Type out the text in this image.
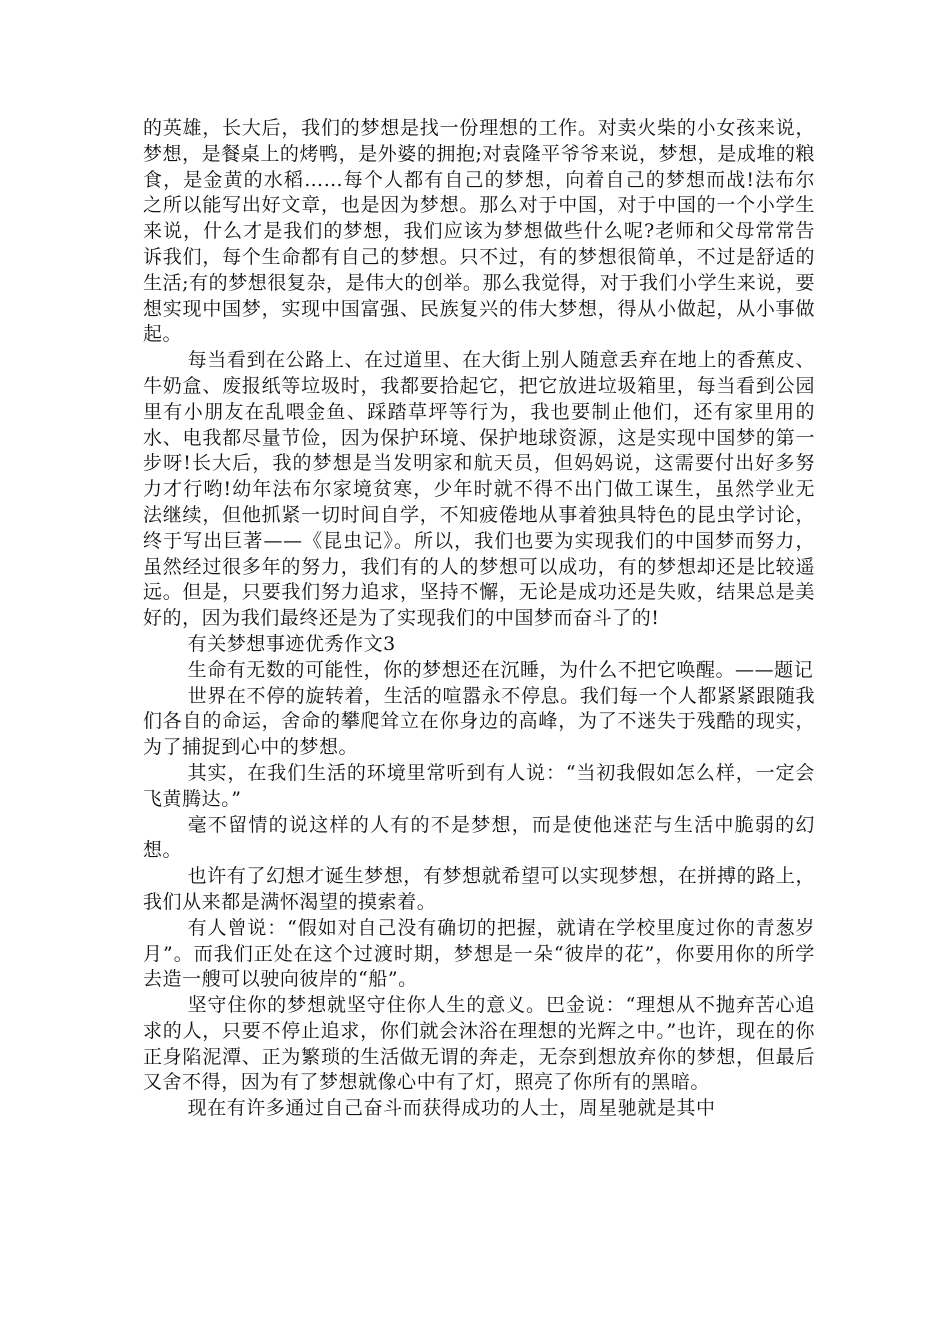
的英雄，长大后，我们的梦想是找一份理想的工作。对卖火柴的小女孩来说，梦想，是餐桌上的烤鸭，是外婆的拥抱;对袁隆平爷爷来说，梦想，是成堆的粮食，是金黄的水稻……每个人都有自己的梦想，向着自己的梦想而战!法布尔之所以能写出好文章，也是因为梦想。那么对于中国，对于中国的一个小学生来说，什么才是我们的梦想，我们应该为梦想做些什么呢?老师和父母常常告诉我们，每个生命都有自己的梦想。只不过，有的梦想很简单，不过是舒适的生活;有的梦想很复杂，是伟大的创举。那么我觉得，对于我们小学生来说，要想实现中国梦，实现中国富强、民族复兴的伟大梦想，得从小做起，从小事做起。

每当看到在公路上、在过道里、在大街上别人随意丢弃在地上的香蕉皮、牛奶盒、废报纸等垃圾时，我都要拾起它，把它放进垃圾箱里，每当看到公园里有小朋友在乱喂金鱼、踩踏草坪等行为，我也要制止他们，还有家里用的水、电我都尽量节俭，因为保护环境、保护地球资源，这是实现中国梦的第一步呀!长大后，我的梦想是当发明家和航天员，但妈妈说，这需要付出好多努力才行哟!幼年法布尔家境贫寒，少年时就不得不出门做工谋生，虽然学业无法继续，但他抓紧一切时间自学，不知疲倦地从事着独具特色的昆虫学讨论，终于写出巨著——《昆虫记》。所以，我们也要为实现我们的中国梦而努力，虽然经过很多年的努力，我们有的人的梦想可以成功，有的梦想却还是比较遥远。但是，只要我们努力追求，坚持不懈，无论是成功还是失败，结果总是美好的，因为我们最终还是为了实现我们的中国梦而奋斗了的!

有关梦想事迹优秀作文3

生命有无数的可能性，你的梦想还在沉睡，为什么不把它唤醒。——题记

世界在不停的旋转着，生活的喧嚣永不停息。我们每一个人都紧紧跟随我们各自的命运，舍命的攀爬耸立在你身边的高峰，为了不迷失于残酷的现实，为了捕捉到心中的梦想。

其实，在我们生活的环境里常听到有人说：“当初我假如怎么样，一定会飞黄腾达。”

毫不留情的说这样的人有的不是梦想，而是使他迷茫与生活中脆弱的幻想。

也许有了幻想才诞生梦想，有梦想就希望可以实现梦想，在拼搏的路上，我们从来都是满怀渴望的摸索着。

有人曾说：“假如对自己没有确切的把握，就请在学校里度过你的青葱岁月”。而我们正处在这个过渡时期，梦想是一朵“彼岸的花”，你要用你的所学去造一艘可以驶向彼岸的“船”。

坚守住你的梦想就坚守住你人生的意义。巴金说：“理想从不抛弃苦心追求的人，只要不停止追求，你们就会沐浴在理想的光辉之中。”也许，现在的你正身陷泥潭、正为繁琐的生活做无谓的奔走，无奈到想放弃你的梦想，但最后又舍不得，因为有了梦想就像心中有了灯，照亮了你所有的黑暗。

现在有许多通过自己奋斗而获得成功的人士，周星驰就是其中
